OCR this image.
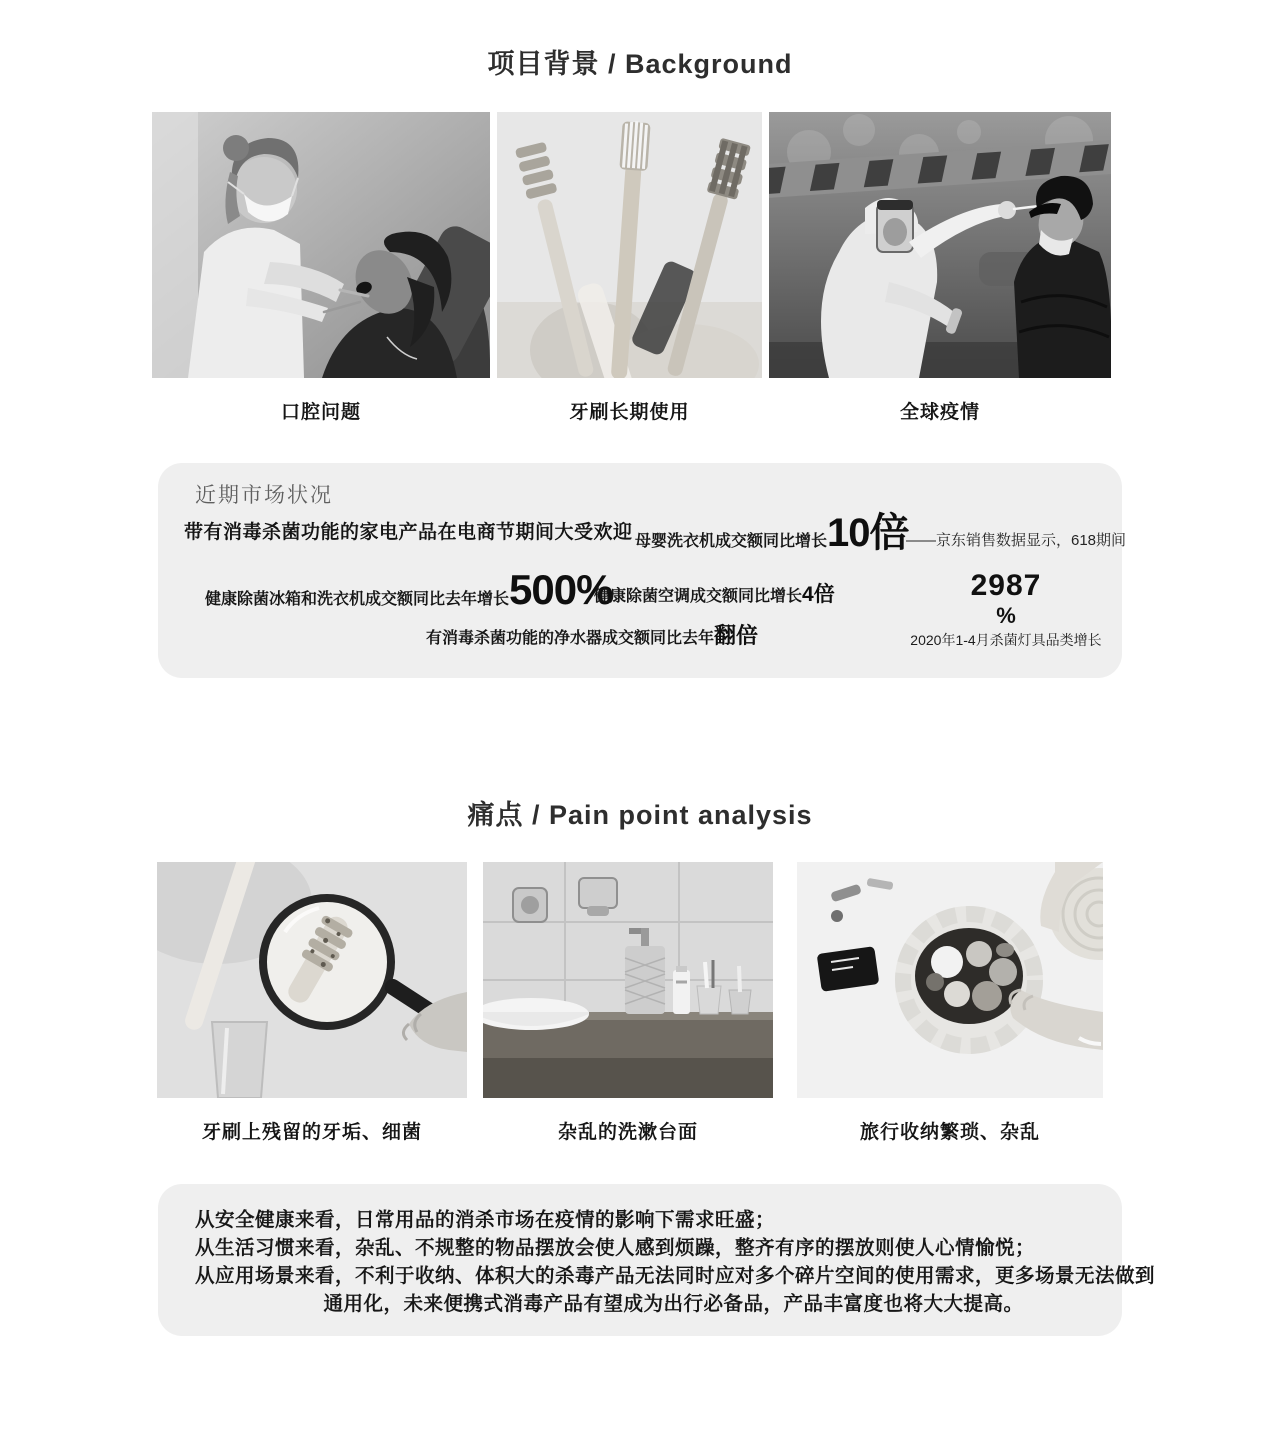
项目背景 / Background
口腔问题	牙刷长期使用	全球疫情
近期市场状况

带有消毒杀菌功能的家电产品在电商节期间大受欢迎 母婴洗衣机成交额同比增长 10倍

——京东销售数据显示，618期间

健康除菌冰箱和洗衣机成交额同比去年增长 500%
健康除菌空调成交额同比增长 4倍	2987
%
2020年1-4月杀菌灯具品类增长
有消毒杀菌功能的净水器成交额同比去年 翻倍
痛点 / Pain point analysis
牙刷上残留的牙垢、细菌	杂乱的洗漱台面	旅行收纳繁琐、杂乱

从安全健康来看，日常用品的消杀市场在疫情的影响下需求旺盛；

从生活习惯来看，杂乱、不规整的物品摆放会使人感到烦躁，整齐有序的摆放则使人心情愉悦；

从应用场景来看，不利于收纳、体积大的杀毒产品无法同时应对多个碎片空间的使用需求，更多场景无法做到

通用化，未来便携式消毒产品有望成为出行必备品，产品丰富度也将大大提高。
